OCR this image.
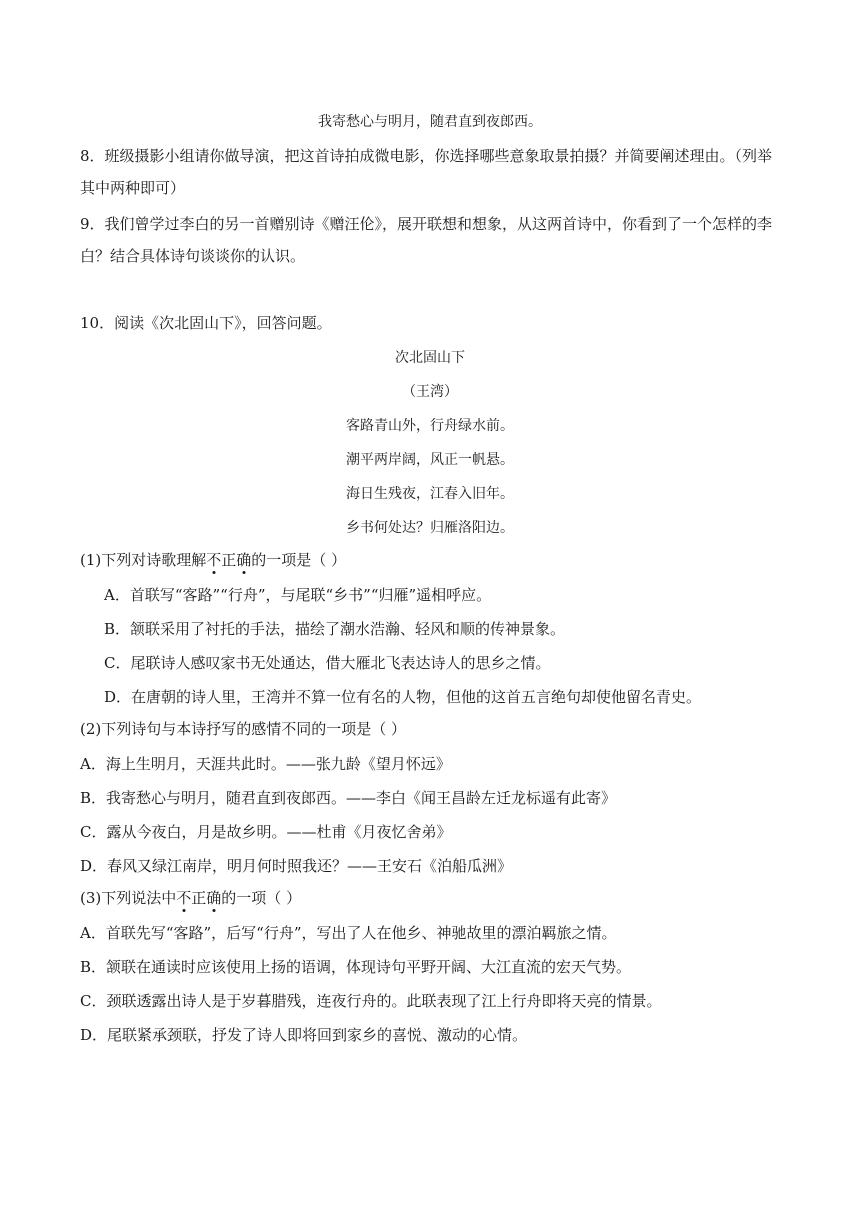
我寄愁心与明月，随君直到夜郎西。
8．班级摄影小组请你做导演，把这首诗拍成微电影，你选择哪些意象取景拍摄？并简要阐述理由。（列举
其中两种即可）
9．我们曾学过李白的另一首赠别诗《赠汪伦》，展开联想和想象，从这两首诗中，你看到了一个怎样的李
白？结合具体诗句谈谈你的认识。
10．阅读《次北固山下》，回答问题。
次北固山下
（王湾）
客路青山外，行舟绿水前。
潮平两岸阔，风正一帆悬。
海日生残夜，江春入旧年。
乡书何处达？归雁洛阳边。
(1)下列对诗歌理解不正确的一项是（ ）
A．首联写“客路”“行舟”，与尾联“乡书”“归雁”遥相呼应。
B．颔联采用了衬托的手法，描绘了潮水浩瀚、轻风和顺的传神景象。
C．尾联诗人感叹家书无处通达，借大雁北飞表达诗人的思乡之情。
D．在唐朝的诗人里，王湾并不算一位有名的人物，但他的这首五言绝句却使他留名青史。
(2)下列诗句与本诗抒写的感情不同的一项是（ ）
A．海上生明月，天涯共此时。——张九龄《望月怀远》
B．我寄愁心与明月，随君直到夜郎西。——李白《闻王昌龄左迁龙标遥有此寄》
C．露从今夜白，月是故乡明。——杜甫《月夜忆舍弟》
D．春风又绿江南岸，明月何时照我还？——王安石《泊船瓜洲》
(3)下列说法中不正确的一项（ ）
A．首联先写“客路”，后写“行舟”，写出了人在他乡、神驰故里的漂泊羁旅之情。
B．颔联在通读时应该使用上扬的语调，体现诗句平野开阔、大江直流的宏天气势。
C．颈联透露出诗人是于岁暮腊残，连夜行舟的。此联表现了江上行舟即将天亮的情景。
D．尾联紧承颈联，抒发了诗人即将回到家乡的喜悦、激动的心情。
